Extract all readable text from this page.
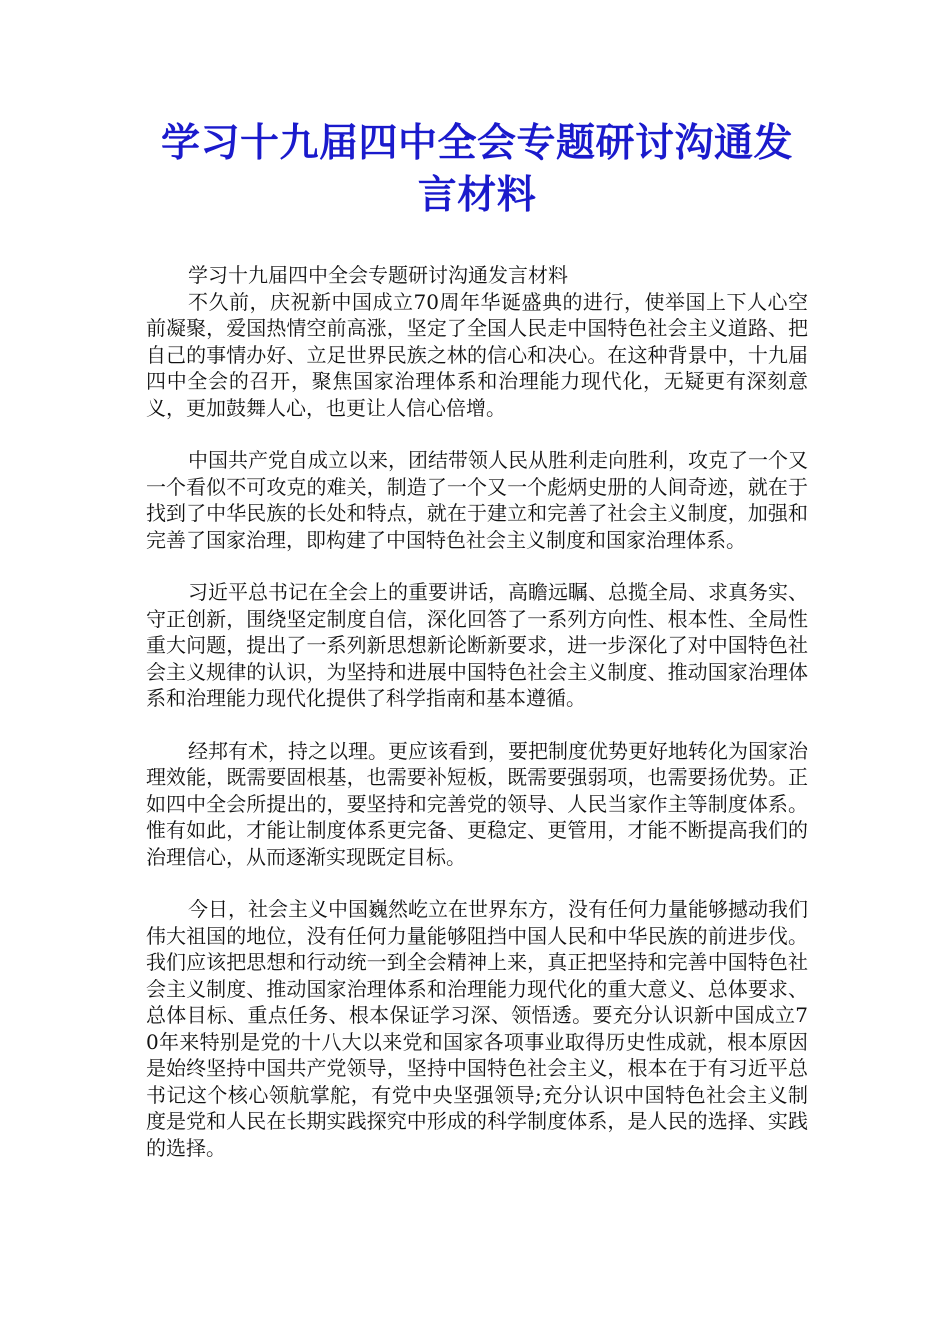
学习十九届四中全会专题研讨沟通发言材料

学习十九届四中全会专题研讨沟通发言材料

不久前，庆祝新中国成立70周年华诞盛典的进行，使举国上下人心空前凝聚，爱国热情空前高涨，坚定了全国人民走中国特色社会主义道路、把自己的事情办好、立足世界民族之林的信心和决心。在这种背景中，十九届四中全会的召开，聚焦国家治理体系和治理能力现代化，无疑更有深刻意义，更加鼓舞人心，也更让人信心倍增。

中国共产党自成立以来，团结带领人民从胜利走向胜利，攻克了一个又一个看似不可攻克的难关，制造了一个又一个彪炳史册的人间奇迹，就在于找到了中华民族的长处和特点，就在于建立和完善了社会主义制度，加强和完善了国家治理，即构建了中国特色社会主义制度和国家治理体系。

习近平总书记在全会上的重要讲话，高瞻远瞩、总揽全局、求真务实、守正创新，围绕坚定制度自信，深化回答了一系列方向性、根本性、全局性重大问题，提出了一系列新思想新论断新要求，进一步深化了对中国特色社会主义规律的认识，为坚持和进展中国特色社会主义制度、推动国家治理体系和治理能力现代化提供了科学指南和基本遵循。

经邦有术，持之以理。更应该看到，要把制度优势更好地转化为国家治理效能，既需要固根基，也需要补短板，既需要强弱项，也需要扬优势。正如四中全会所提出的，要坚持和完善党的领导、人民当家作主等制度体系。惟有如此，才能让制度体系更完备、更稳定、更管用，才能不断提高我们的治理信心，从而逐渐实现既定目标。

今日，社会主义中国巍然屹立在世界东方，没有任何力量能够撼动我们伟大祖国的地位，没有任何力量能够阻挡中国人民和中华民族的前进步伐。我们应该把思想和行动统一到全会精神上来，真正把坚持和完善中国特色社会主义制度、推动国家治理体系和治理能力现代化的重大意义、总体要求、总体目标、重点任务、根本保证学习深、领悟透。要充分认识新中国成立70年来特别是党的十八大以来党和国家各项事业取得历史性成就，根本原因是始终坚持中国共产党领导，坚持中国特色社会主义，根本在于有习近平总书记这个核心领航掌舵，有党中央坚强领导;充分认识中国特色社会主义制度是党和人民在长期实践探究中形成的科学制度体系，是人民的选择、实践的选择。
